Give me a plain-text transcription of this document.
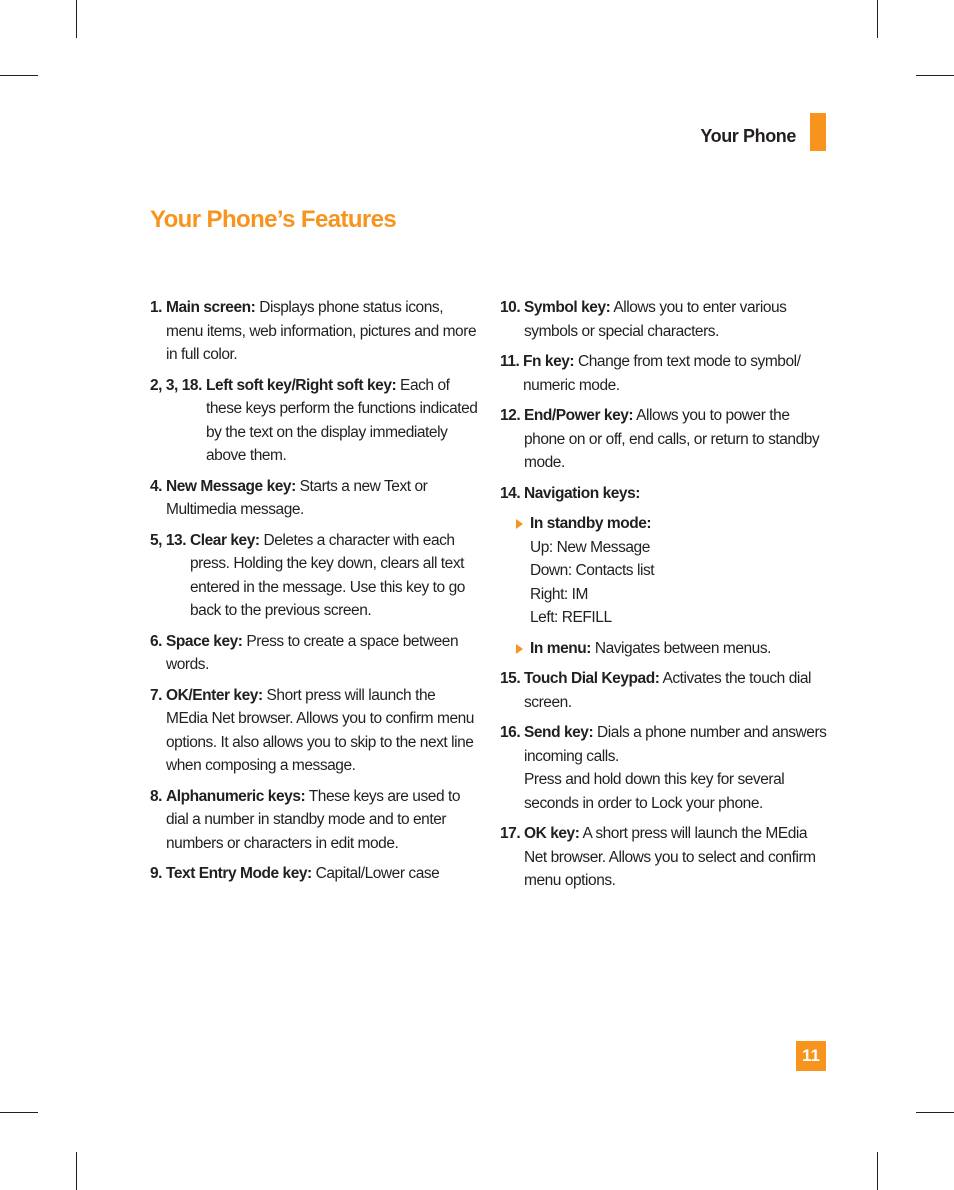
Your Phone
Your Phone’s Features
1. Main screen: Displays phone status icons, menu items, web information, pictures and more in full color.
2, 3, 18. Left soft key/Right soft key: Each of these keys perform the functions indicated by the text on the display immediately above them.
4. New Message key: Starts a new Text or Multimedia message.
5, 13. Clear key: Deletes a character with each press. Holding the key down, clears all text entered in the message. Use this key to go back to the previous screen.
6. Space key: Press to create a space between words.
7. OK/Enter key: Short press will launch the MEdia Net browser. Allows you to confirm menu options. It also allows you to skip to the next line when composing a message.
8. Alphanumeric keys: These keys are used to dial a number in standby mode and to enter numbers or characters in edit mode.
9. Text Entry Mode key: Capital/Lower case
10. Symbol key: Allows you to enter various symbols or special characters.
11. Fn key: Change from text mode to symbol/ numeric mode.
12. End/Power key: Allows you to power the phone on or off, end calls, or return to standby mode.
14. Navigation keys:
In standby mode:
Up: New Message
Down: Contacts list
Right: IM
Left: REFILL
In menu: Navigates between menus.
15. Touch Dial Keypad: Activates the touch dial screen.
16. Send key: Dials a phone number and answers incoming calls.
Press and hold down this key for several seconds in order to Lock your phone.
17. OK key: A short press will launch the MEdia Net browser. Allows you to select and confirm menu options.
11
